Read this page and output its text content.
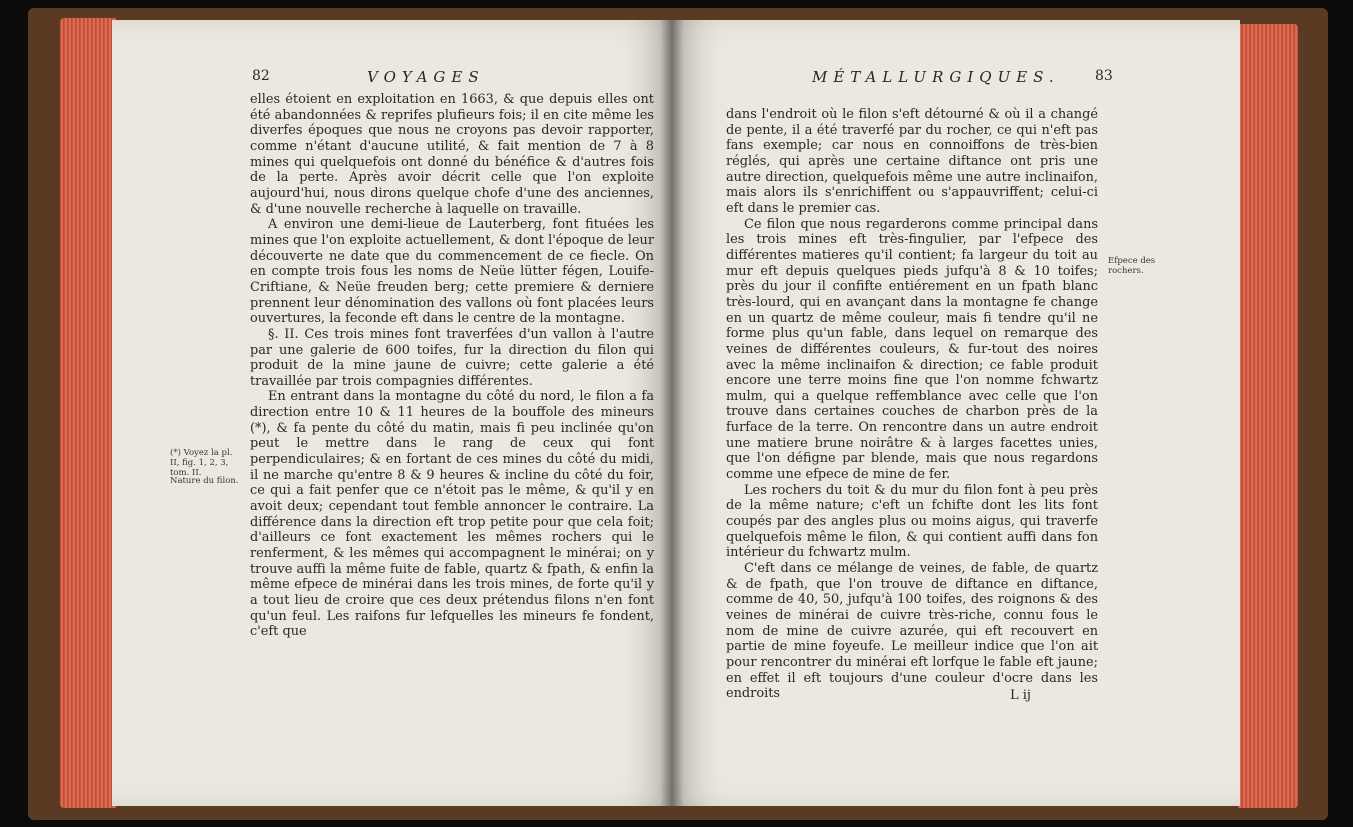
82	VOYAGES

elles étoient en exploitation en 1663, & que depuis elles ont été abandonnées & reprifes plufieurs fois; il en cite même les diverfes époques que nous ne croyons pas devoir rapporter, comme n'étant d'aucune utilité, & fait mention de 7 à 8 mines qui quelquefois ont donné du bénéfice & d'autres fois de la perte. Après avoir décrit celle que l'on exploite aujourd'hui, nous dirons quelque chofe d'une des anciennes, & d'une nouvelle recherche à laquelle on travaille.

A environ une demi-lieue de Lauterberg, font fituées les mines que l'on exploite actuellement, & dont l'époque de leur découverte ne date que du commencement de ce fiecle. On en compte trois fous les noms de Neüe lütter fégen, Louife-Criftiane, & Neüe freuden berg; cette premiere & derniere prennent leur dénomination des vallons où font placées leurs ouvertures, la feconde eft dans le centre de la montagne.

§. II. Ces trois mines font traverfées d'un vallon à l'autre par une galerie de 600 toifes, fur la direction du filon qui produit de la mine jaune de cuivre; cette galerie a été travaillée par trois compagnies différentes.

En entrant dans la montagne du côté du nord, le filon a fa direction entre 10 & 11 heures de la bouffole des mineurs (*), & fa pente du côté du matin, mais fi peu inclinée qu'on peut le mettre dans le rang de ceux qui font perpendiculaires; & en fortant de ces mines du côté du midi, il ne marche qu'entre 8 & 9 heures & incline du côté du foir, ce qui a fait penfer que ce n'étoit pas le même, & qu'il y en avoit deux; cependant tout femble annoncer le contraire. La différence dans la direction eft trop petite pour que cela foit; d'ailleurs ce font exactement les mêmes rochers qui le renferment, & les mêmes qui accompagnent le minérai; on y trouve auffi la même fuite de fable, quartz & fpath, & enfin la même efpece de minérai dans les trois mines, de forte qu'il y a tout lieu de croire que ces deux prétendus filons n'en font qu'un feul. Les raifons fur lefquelles les mineurs fe fondent, c'eft que

(*) Voyez la pl. II, fig. 1, 2, 3, tom. II.
Nature du filon.
MÉTALLURGIQUES.	83

dans l'endroit où le filon s'eft détourné & où il a changé de pente, il a été traverfé par du rocher, ce qui n'eft pas fans exemple; car nous en connoiffons de très-bien réglés, qui après une certaine diftance ont pris une autre direction, quelquefois même une autre inclinaifon, mais alors ils s'enrichiffent ou s'appauvriffent; celui-ci eft dans le premier cas.

Ce filon que nous regarderons comme principal dans les trois mines eft très-fingulier, par l'efpece des différentes matieres qu'il contient; fa largeur du toit au mur eft depuis quelques pieds jufqu'à 8 & 10 toifes; près du jour il confifte entiérement en un fpath blanc très-lourd, qui en avançant dans la montagne fe change en un quartz de même couleur, mais fi tendre qu'il ne forme plus qu'un fable, dans lequel on remarque des veines de différentes couleurs, & fur-tout des noires avec la même inclinaifon & direction; ce fable produit encore une terre moins fine que l'on nomme fchwartz mulm, qui a quelque reffemblance avec celle que l'on trouve dans certaines couches de charbon près de la furface de la terre. On rencontre dans un autre endroit une matiere brune noirâtre & à larges facettes unies, que l'on défigne par blende, mais que nous regardons comme une efpece de mine de fer.

Les rochers du toit & du mur du filon font à peu près de la même nature; c'eft un fchifte dont les lits font coupés par des angles plus ou moins aigus, qui traverfe quelquefois même le filon, & qui contient auffi dans fon intérieur du fchwartz mulm.

C'eft dans ce mélange de veines, de fable, de quartz & de fpath, que l'on trouve de diftance en diftance, comme de 40, 50, jufqu'à 100 toifes, des roignons & des veines de minérai de cuivre très-riche, connu fous le nom de mine de cuivre azurée, qui eft recouvert en partie de mine foyeufe. Le meilleur indice que l'on ait pour rencontrer du minérai eft lorfque le fable eft jaune; en effet il eft toujours d'une couleur d'ocre dans les endroits

Efpece des rochers.
L ij
